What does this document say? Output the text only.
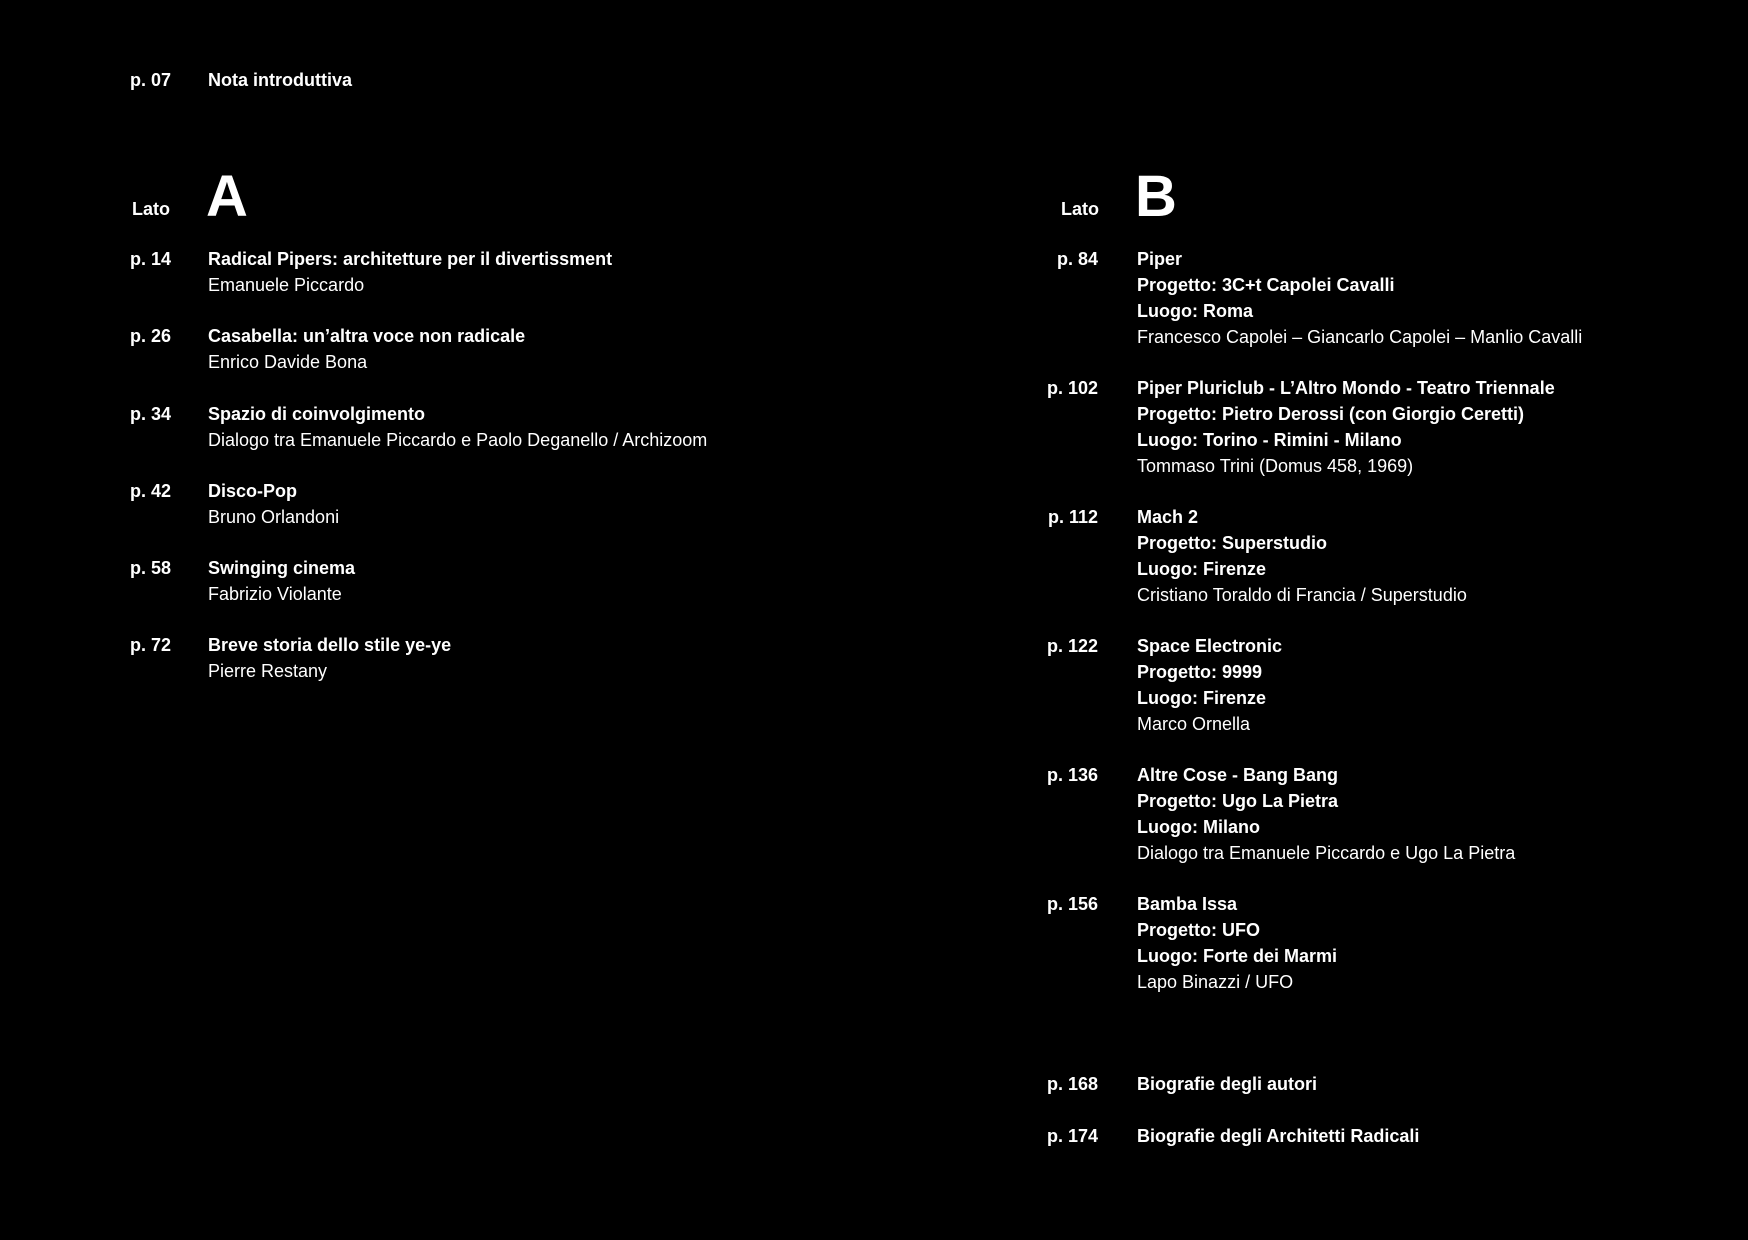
p. 07 Nota introduttiva
Lato A
p. 14 Radical Pipers: architetture per il divertissment
Emanuele Piccardo
p. 26 Casabella: un’altra voce non radicale
Enrico Davide Bona
p. 34 Spazio di coinvolgimento
Dialogo tra Emanuele Piccardo e Paolo Deganello / Archizoom
p. 42 Disco-Pop
Bruno Orlandoni
p. 58 Swinging cinema
Fabrizio Violante
p. 72 Breve storia dello stile ye-ye
Pierre Restany
Lato B
p. 84 Piper
Progetto: 3C+t Capolei Cavalli
Luogo: Roma
Francesco Capolei – Giancarlo Capolei – Manlio Cavalli
p. 102 Piper Pluriclub - L’Altro Mondo - Teatro Triennale
Progetto: Pietro Derossi (con Giorgio Ceretti)
Luogo: Torino - Rimini - Milano
Tommaso Trini (Domus 458, 1969)
p. 112 Mach 2
Progetto: Superstudio
Luogo: Firenze
Cristiano Toraldo di Francia / Superstudio
p. 122 Space Electronic
Progetto: 9999
Luogo: Firenze
Marco Ornella
p. 136 Altre Cose - Bang Bang
Progetto: Ugo La Pietra
Luogo: Milano
Dialogo tra Emanuele Piccardo e Ugo La Pietra
p. 156 Bamba Issa
Progetto: UFO
Luogo: Forte dei Marmi
Lapo Binazzi / UFO
p. 168 Biografie degli autori
p. 174 Biografie degli Architetti Radicali
